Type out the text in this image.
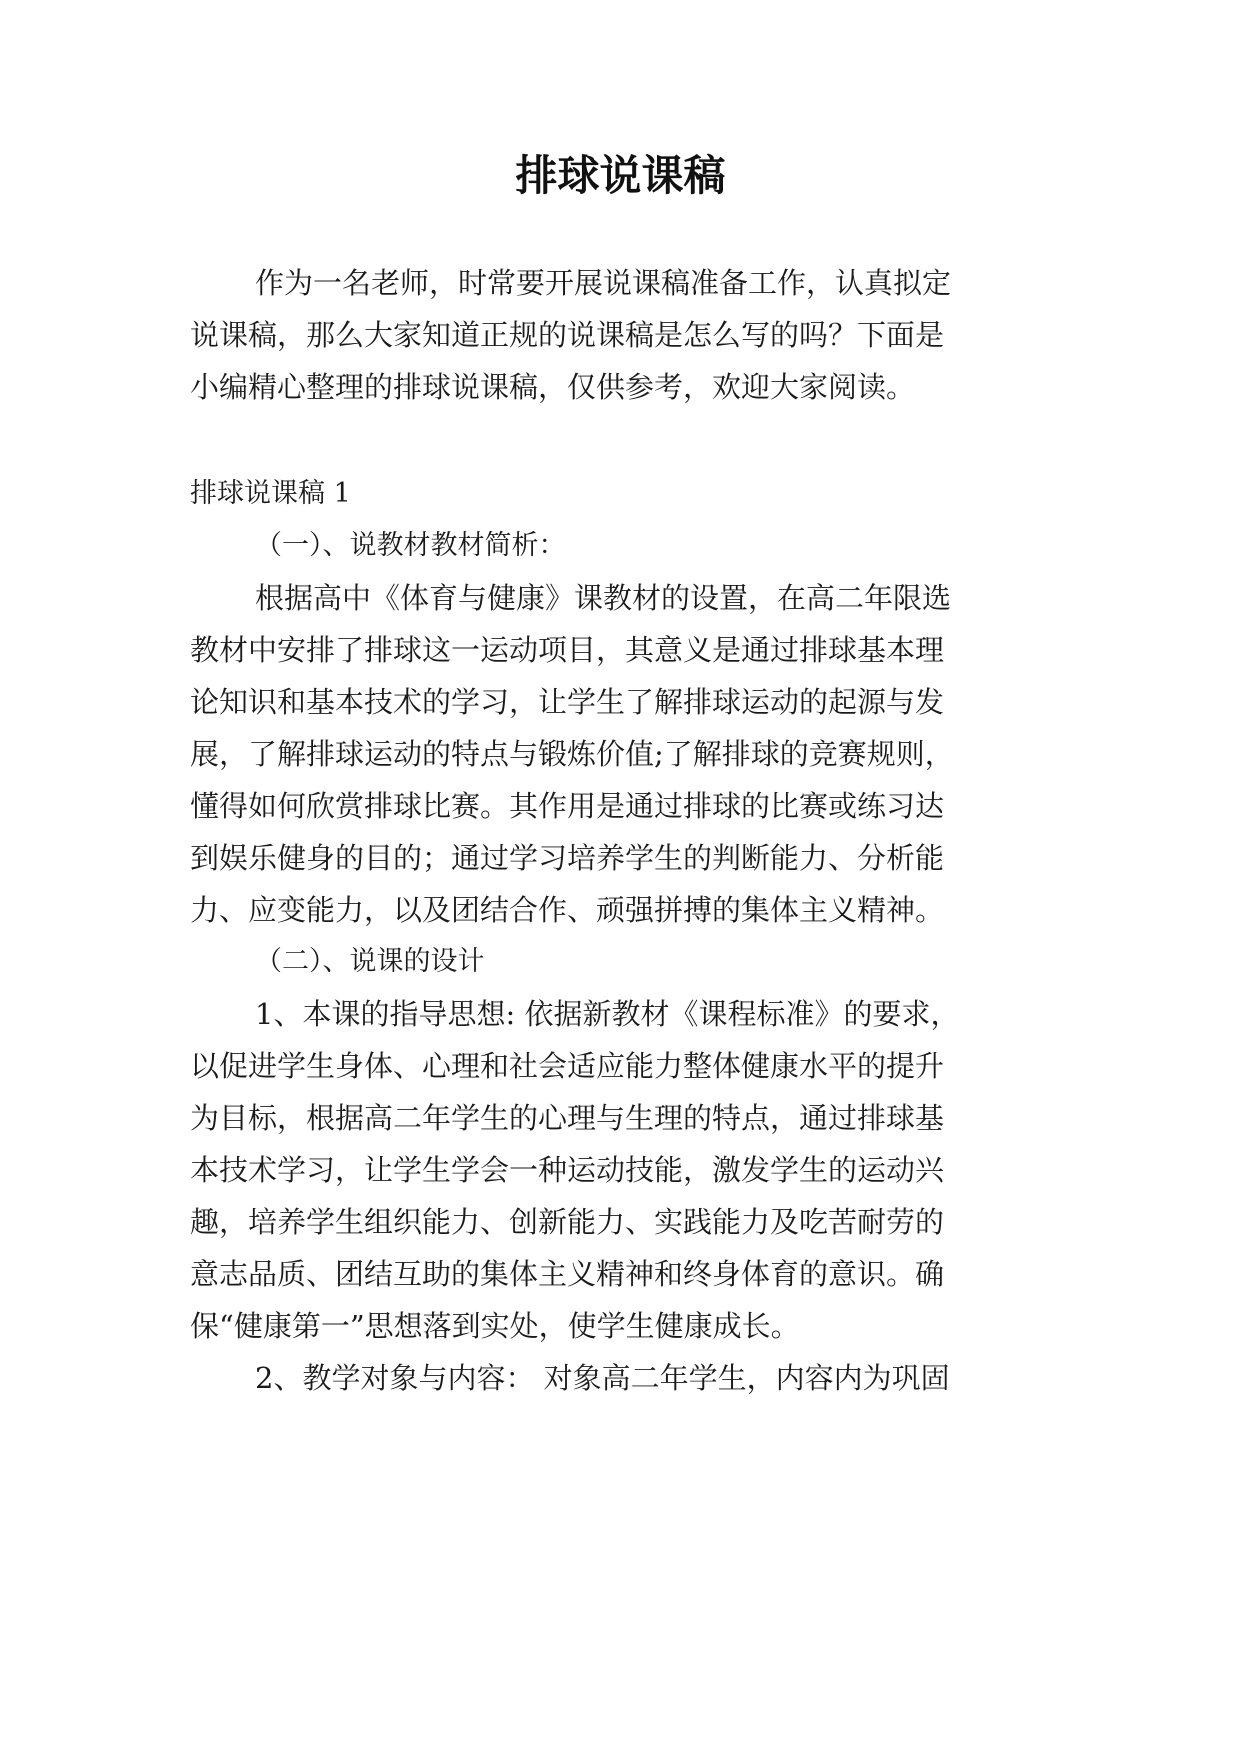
排球说课稿
作为一名老师，时常要开展说课稿准备工作，认真拟定
说课稿，那么大家知道正规的说课稿是怎么写的吗？下面是
小编精心整理的排球说课稿，仅供参考，欢迎大家阅读。
排球说课稿 1
（一）、说教材教材简析：
根据高中《体育与健康》课教材的设置，在高二年限选
教材中安排了排球这一运动项目，其意义是通过排球基本理
论知识和基本技术的学习，让学生了解排球运动的起源与发
展，了解排球运动的特点与锻炼价值;了解排球的竞赛规则，
懂得如何欣赏排球比赛。其作用是通过排球的比赛或练习达
到娱乐健身的目的；通过学习培养学生的判断能力、分析能
力、应变能力，以及团结合作、顽强拼搏的集体主义精神。
（二）、说课的设计
1、本课的指导思想: 依据新教材《课程标准》的要求，
以促进学生身体、心理和社会适应能力整体健康水平的提升
为目标，根据高二年学生的心理与生理的特点，通过排球基
本技术学习，让学生学会一种运动技能，激发学生的运动兴
趣，培养学生组织能力、创新能力、实践能力及吃苦耐劳的
意志品质、团结互助的集体主义精神和终身体育的意识。确
保“健康第一”思想落到实处，使学生健康成长。
2、教学对象与内容： 对象高二年学生，内容内为巩固
